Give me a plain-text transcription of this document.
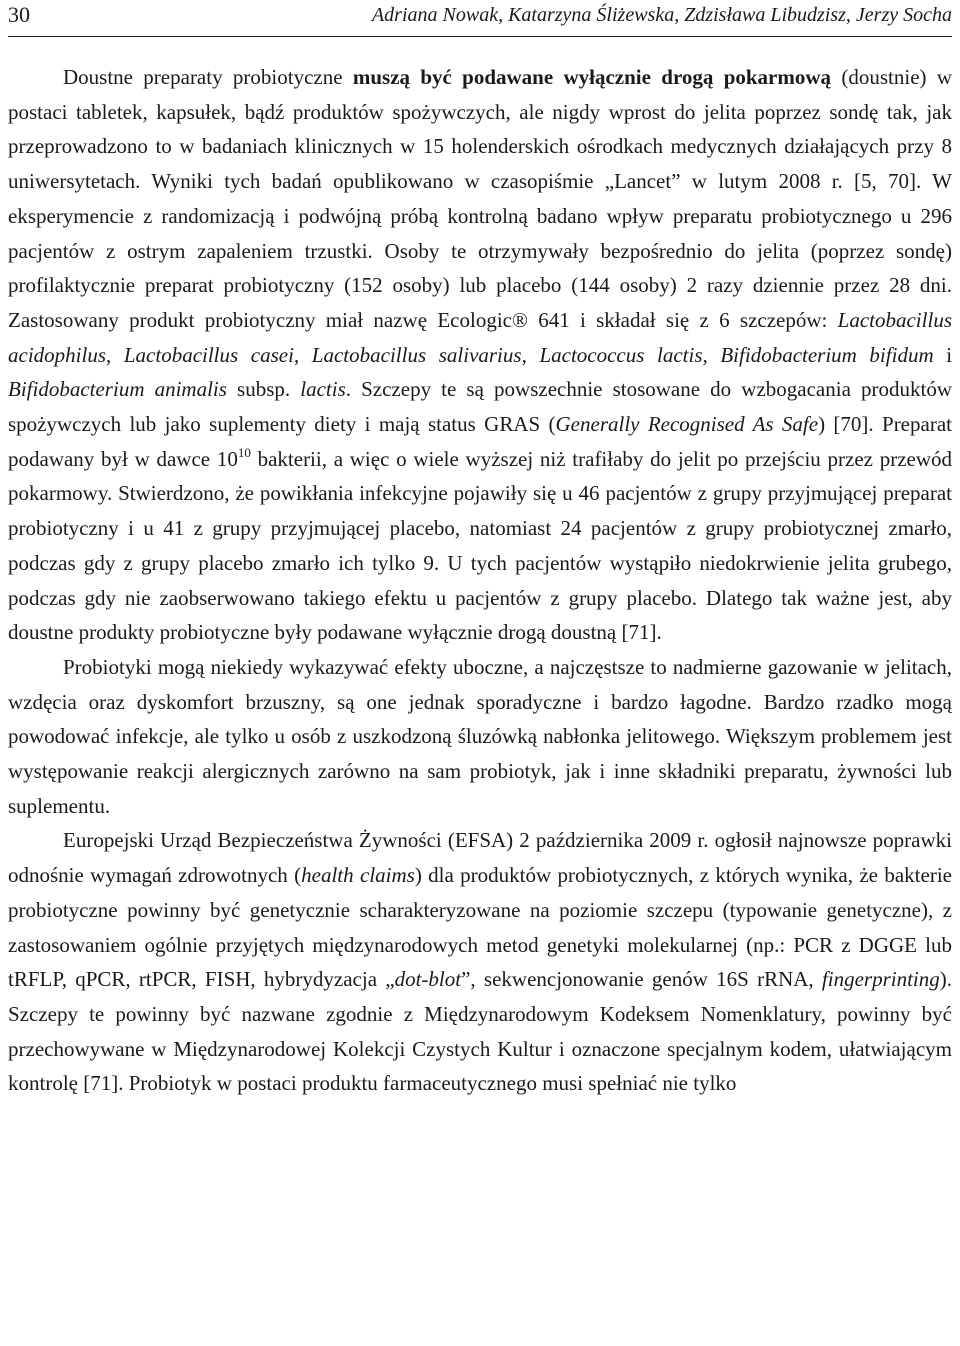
30	Adriana Nowak, Katarzyna Śliżewska, Zdzisława Libudzisz, Jerzy Socha

Doustne preparaty probiotyczne muszą być podawane wyłącznie drogą pokarmową (doustnie) w postaci tabletek, kapsułek, bądź produktów spożywczych, ale nigdy wprost do jelita poprzez sondę tak, jak przeprowadzono to w badaniach klinicznych w 15 holenderskich ośrodkach medycznych działających przy 8 uniwersytetach. Wyniki tych badań opublikowano w czasopiśmie „Lancet” w lutym 2008 r. [5, 70]. W eksperymencie z randomizacją i podwójną próbą kontrolną badano wpływ preparatu probiotycznego u 296 pacjentów z ostrym zapaleniem trzustki. Osoby te otrzymywały bezpośrednio do jelita (poprzez sondę) profilaktycznie preparat probiotyczny (152 osoby) lub placebo (144 osoby) 2 razy dziennie przez 28 dni. Zastosowany produkt probiotyczny miał nazwę Ecologic® 641 i składał się z 6 szczepów: Lactobacillus acidophilus, Lactobacillus casei, Lactobacillus salivarius, Lactococcus lactis, Bifidobacterium bifidum i Bifidobacterium animalis subsp. lactis. Szczepy te są powszechnie stosowane do wzbogacania produktów spożywczych lub jako suplementy diety i mają status GRAS (Generally Recognised As Safe) [70]. Preparat podawany był w dawce $10^{10}$ bakterii, a więc o wiele wyższej niż trafiłaby do jelit po przejściu przez przewód pokarmowy. Stwierdzono, że powikłania infekcyjne pojawiły się u 46 pacjentów z grupy przyjmującej preparat probiotyczny i u 41 z grupy przyjmującej placebo, natomiast 24 pacjentów z grupy probiotycznej zmarło, podczas gdy z grupy placebo zmarło ich tylko 9. U tych pacjentów wystąpiło niedokrwienie jelita grubego, podczas gdy nie zaobserwowano takiego efektu u pacjentów z grupy placebo. Dlatego tak ważne jest, aby doustne produkty probiotyczne były podawane wyłącznie drogą doustną [71].

Probiotyki mogą niekiedy wykazywać efekty uboczne, a najczęstsze to nadmierne gazowanie w jelitach, wzdęcia oraz dyskomfort brzuszny, są one jednak sporadyczne i bardzo łagodne. Bardzo rzadko mogą powodować infekcje, ale tylko u osób z uszkodzoną śluzówką nabłonka jelitowego. Większym problemem jest występowanie reakcji alergicznych zarówno na sam probiotyk, jak i inne składniki preparatu, żywności lub suplementu.

Europejski Urząd Bezpieczeństwa Żywności (EFSA) 2 października 2009 r. ogłosił najnowsze poprawki odnośnie wymagań zdrowotnych (health claims) dla produktów probiotycznych, z których wynika, że bakterie probiotyczne powinny być genetycznie scharakteryzowane na poziomie szczepu (typowanie genetyczne), z zastosowaniem ogólnie przyjętych międzynarodowych metod genetyki molekularnej (np.: PCR z DGGE lub tRFLP, qPCR, rtPCR, FISH, hybrydyzacja „dot-blot”, sekwencjonowanie genów 16S rRNA, fingerprinting). Szczepy te powinny być nazwane zgodnie z Międzynarodowym Kodeksem Nomenklatury, powinny być przechowywane w Międzynarodowej Kolekcji Czystych Kultur i oznaczone specjalnym kodem, ułatwiającym kontrolę [71]. Probiotyk w postaci produktu farmaceutycznego musi spełniać nie tylko
